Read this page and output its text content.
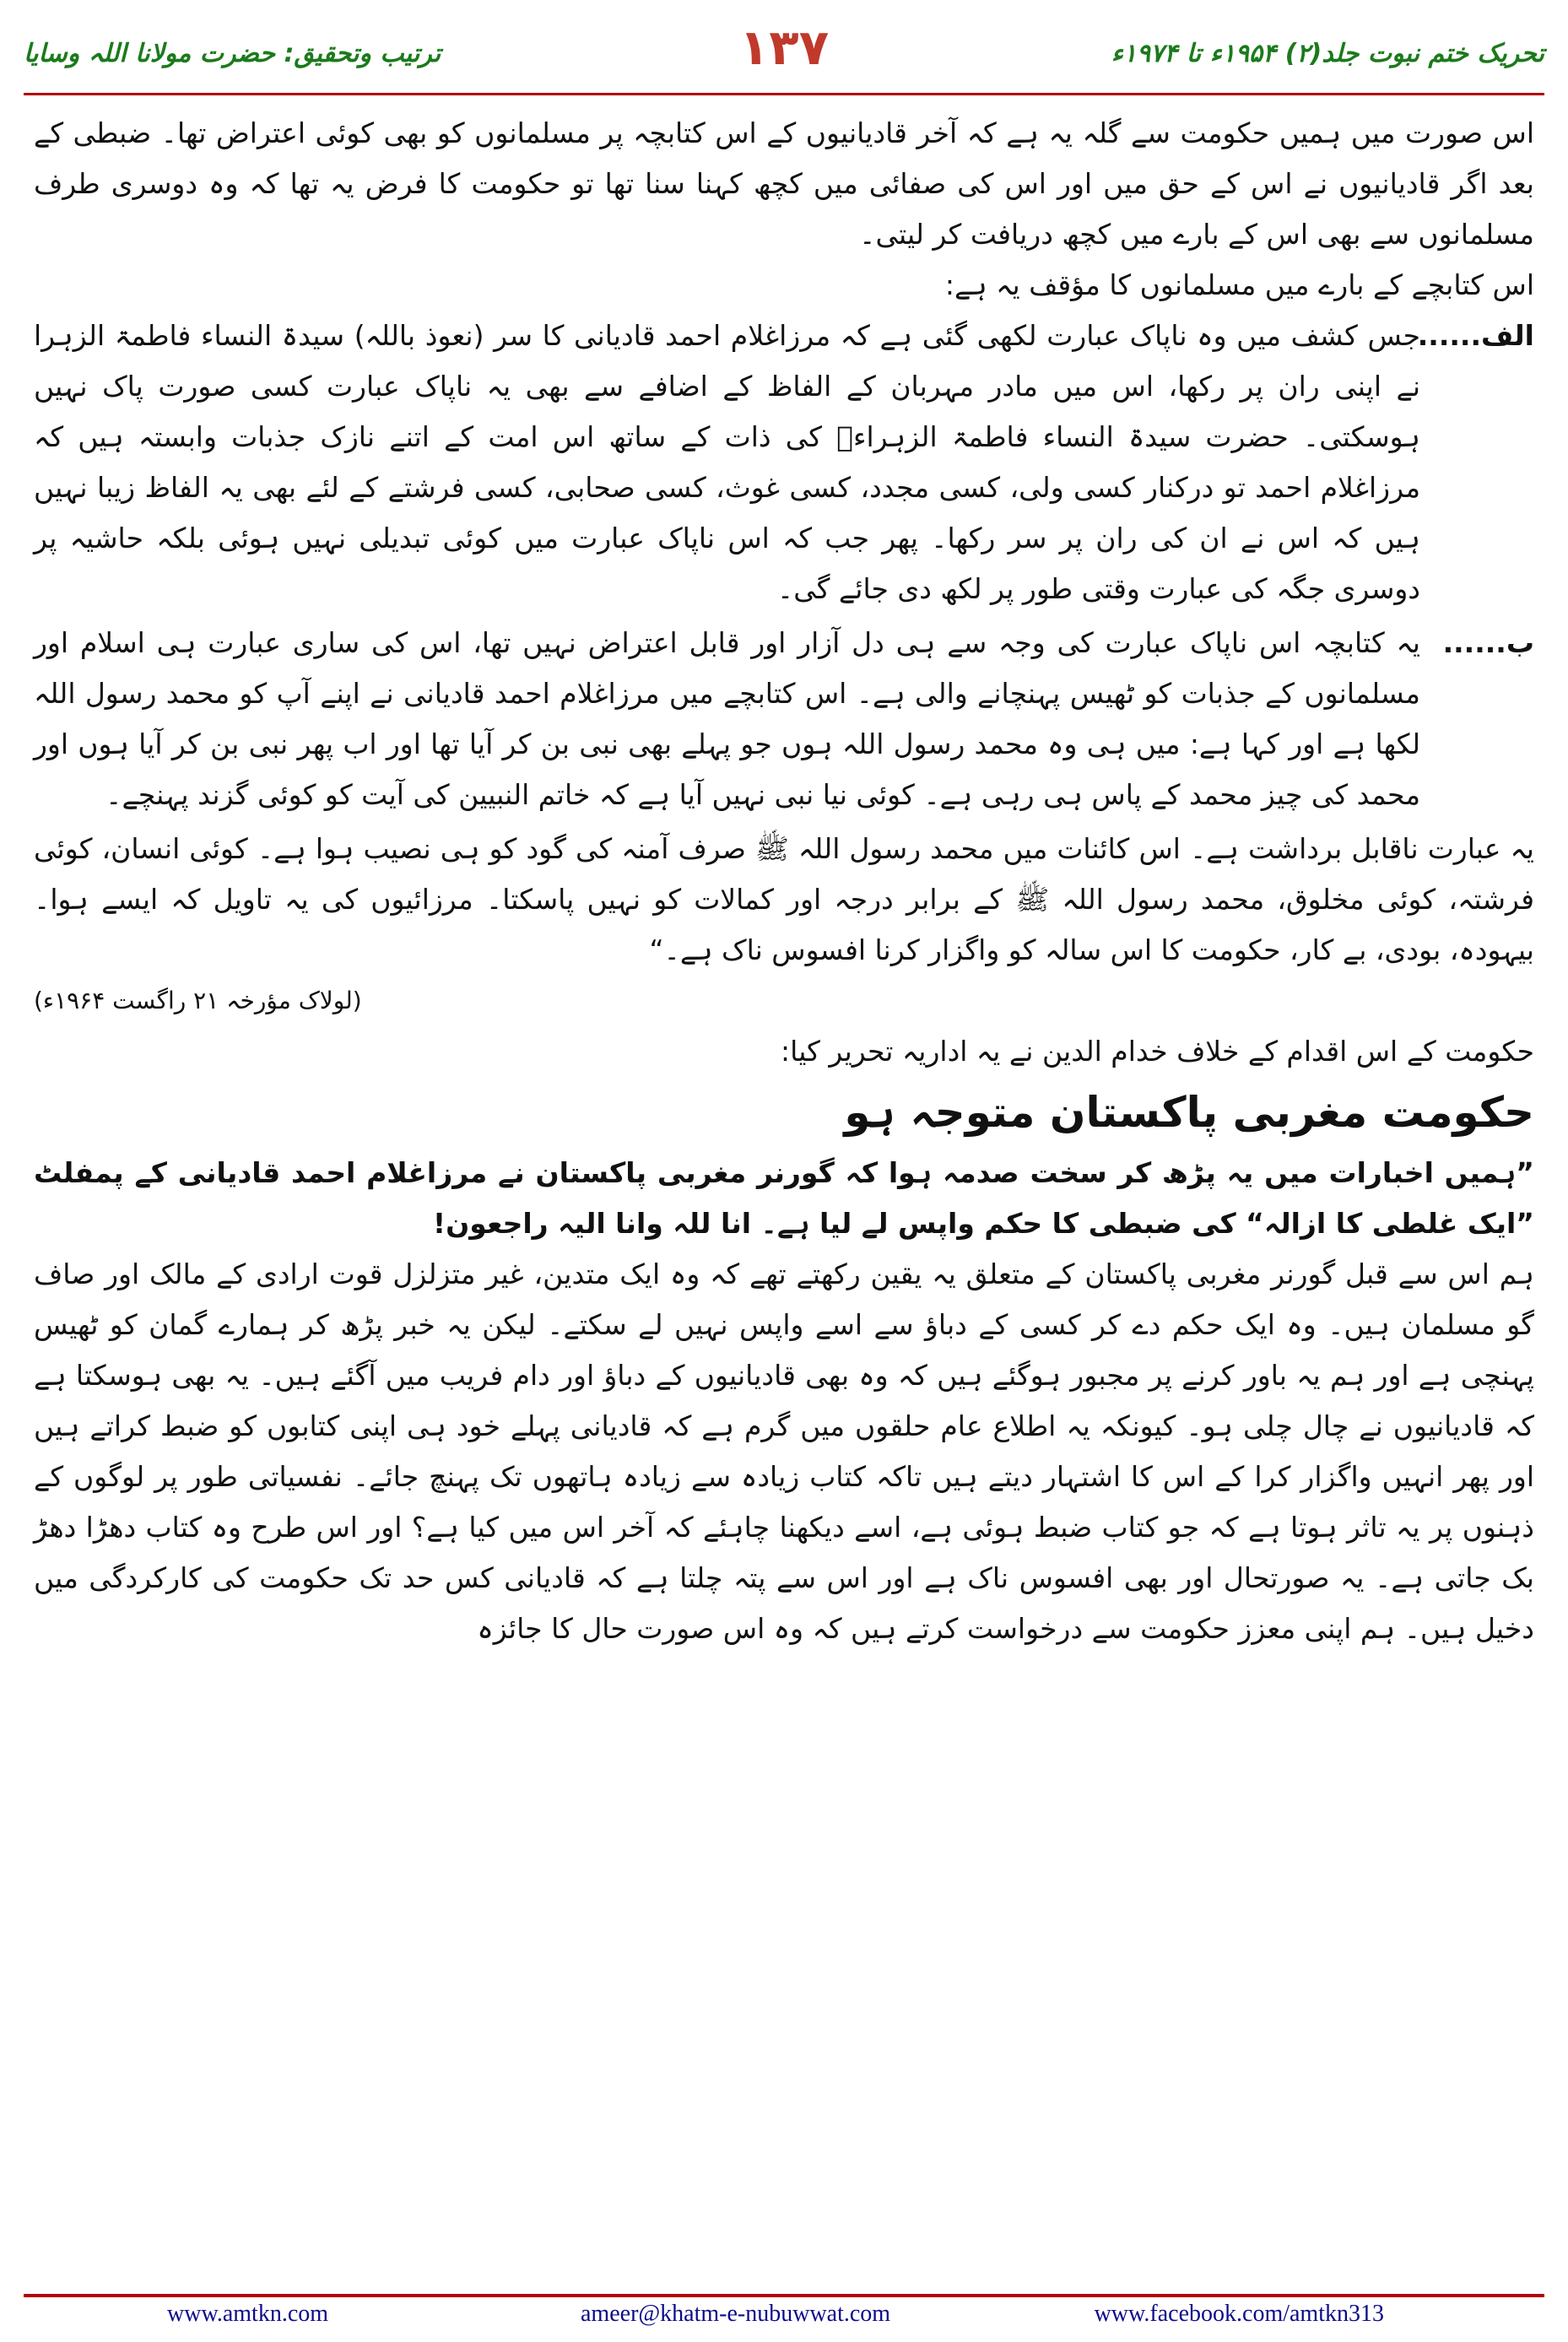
تحریک ختم نبوت جلد(۲) ۱۹۵۴ء تا ۱۹۷۴ء
۱۳۷
ترتیب وتحقیق: حضرت مولانا اللہ وسایا

اس صورت میں ہمیں حکومت سے گلہ یہ ہے کہ آخر قادیانیوں کے اس کتابچہ پر مسلمانوں کو بھی کوئی اعتراض تھا۔ ضبطی کے بعد اگر قادیانیوں نے اس کے حق میں اور اس کی صفائی میں کچھ کہنا سنا تھا تو حکومت کا فرض یہ تھا کہ وہ دوسری طرف مسلمانوں سے بھی اس کے بارے میں کچھ دریافت کر لیتی۔

اس کتابچے کے بارے میں مسلمانوں کا مؤقف یہ ہے:

الف......

جس کشف میں وہ ناپاک عبارت لکھی گئی ہے کہ مرزاغلام احمد قادیانی کا سر (نعوذ باللہ) سیدۃ النساء فاطمۃ الزہرا نے اپنی ران پر رکھا، اس میں مادر مہربان کے الفاظ کے اضافے سے بھی یہ ناپاک عبارت کسی صورت پاک نہیں ہوسکتی۔ حضرت سیدۃ النساء فاطمۃ الزہراءؓ کی ذات کے ساتھ اس امت کے اتنے نازک جذبات وابستہ ہیں کہ مرزاغلام احمد تو درکنار کسی ولی، کسی مجدد، کسی غوث، کسی صحابی، کسی فرشتے کے لئے بھی یہ الفاظ زیبا نہیں ہیں کہ اس نے ان کی ران پر سر رکھا۔ پھر جب کہ اس ناپاک عبارت میں کوئی تبدیلی نہیں ہوئی بلکہ حاشیہ پر دوسری جگہ کی عبارت وقتی طور پر لکھ دی جائے گی۔

ب......

یہ کتابچہ اس ناپاک عبارت کی وجہ سے ہی دل آزار اور قابل اعتراض نہیں تھا، اس کی ساری عبارت ہی اسلام اور مسلمانوں کے جذبات کو ٹھیس پہنچانے والی ہے۔ اس کتابچے میں مرزاغلام احمد قادیانی نے اپنے آپ کو محمد رسول اللہ لکھا ہے اور کہا ہے: میں ہی وہ محمد رسول اللہ ہوں جو پہلے بھی نبی بن کر آیا تھا اور اب پھر نبی بن کر آیا ہوں اور محمد کی چیز محمد کے پاس ہی رہی ہے۔ کوئی نیا نبی نہیں آیا ہے کہ خاتم النبیین کی آیت کو کوئی گزند پہنچے۔

یہ عبارت ناقابل برداشت ہے۔ اس کائنات میں محمد رسول اللہ ﷺ صرف آمنہ کی گود کو ہی نصیب ہوا ہے۔ کوئی انسان، کوئی فرشتہ، کوئی مخلوق، محمد رسول اللہ ﷺ کے برابر درجہ اور کمالات کو نہیں پاسکتا۔ مرزائیوں کی یہ تاویل کہ ایسے ہوا۔ بیہودہ، بودی، بے کار، حکومت کا اس سالہ کو واگزار کرنا افسوس ناک ہے۔“

(لولاک مؤرخہ ۲۱ راگست ۱۹۶۴ء)

حکومت کے اس اقدام کے خلاف خدام الدین نے یہ اداریہ تحریر کیا:

حکومت مغربی پاکستان متوجہ ہو

”ہمیں اخبارات میں یہ پڑھ کر سخت صدمہ ہوا کہ گورنر مغربی پاکستان نے مرزاغلام احمد قادیانی کے پمفلٹ ”ایک غلطی کا ازالہ“ کی ضبطی کا حکم واپس لے لیا ہے۔ انا للہ وانا الیہ راجعون!

ہم اس سے قبل گورنر مغربی پاکستان کے متعلق یہ یقین رکھتے تھے کہ وہ ایک متدین، غیر متزلزل قوت ارادی کے مالک اور صاف گو مسلمان ہیں۔ وہ ایک حکم دے کر کسی کے دباؤ سے اسے واپس نہیں لے سکتے۔ لیکن یہ خبر پڑھ کر ہمارے گمان کو ٹھیس پہنچی ہے اور ہم یہ باور کرنے پر مجبور ہوگئے ہیں کہ وہ بھی قادیانیوں کے دباؤ اور دام فریب میں آگئے ہیں۔ یہ بھی ہوسکتا ہے کہ قادیانیوں نے چال چلی ہو۔ کیونکہ یہ اطلاع عام حلقوں میں گرم ہے کہ قادیانی پہلے خود ہی اپنی کتابوں کو ضبط کراتے ہیں اور پھر انہیں واگزار کرا کے اس کا اشتہار دیتے ہیں تاکہ کتاب زیادہ سے زیادہ ہاتھوں تک پہنچ جائے۔ نفسیاتی طور پر لوگوں کے ذہنوں پر یہ تاثر ہوتا ہے کہ جو کتاب ضبط ہوئی ہے، اسے دیکھنا چاہئے کہ آخر اس میں کیا ہے؟ اور اس طرح وہ کتاب دھڑا دھڑ بک جاتی ہے۔ یہ صورتحال اور بھی افسوس ناک ہے اور اس سے پتہ چلتا ہے کہ قادیانی کس حد تک حکومت کی کارکردگی میں دخیل ہیں۔ ہم اپنی معزز حکومت سے درخواست کرتے ہیں کہ وہ اس صورت حال کا جائزہ

www.amtkn.com	ameer@khatm-e-nubuwwat.com	www.facebook.com/amtkn313
